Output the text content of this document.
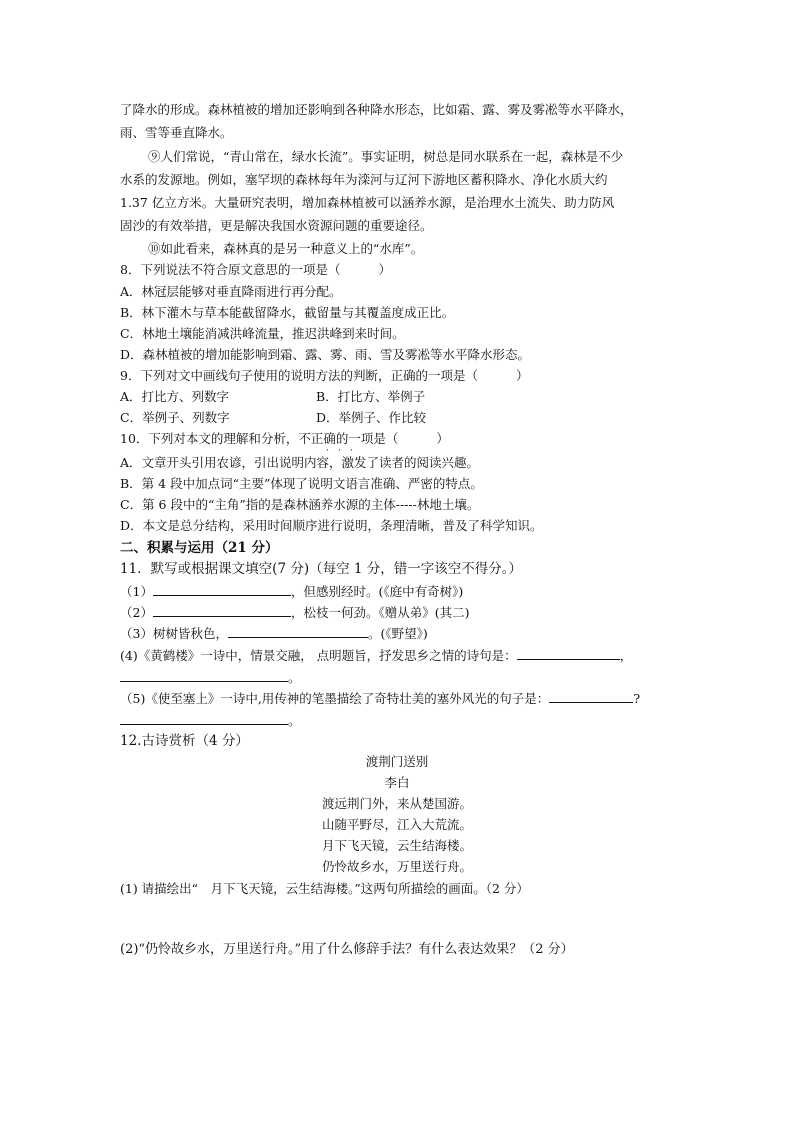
了降水的形成。森林植被的增加还影响到各种降水形态，比如霜、露、雾及雾凇等水平降水，
雨、雪等垂直降水。
⑨人们常说，“青山常在，绿水长流”。事实证明，树总是同水联系在一起，森林是不少
水系的发源地。例如，塞罕坝的森林每年为滦河与辽河下游地区蓄积降水、净化水质大约
1.37 亿立方米。大量研究表明，增加森林植被可以涵养水源，是治理水土流失、助力防风
固沙的有效举措，更是解决我国水资源问题的重要途径。
⑩如此看来，森林真的是另一种意义上的“水库”。
8．下列说法不符合原文意思的一项是（	）
A．林冠层能够对垂直降雨进行再分配。
B．林下灌木与草本能截留降水，截留量与其覆盖度成正比。
C．林地土壤能消减洪峰流量，推迟洪峰到来时间。
D．森林植被的增加能影响到霜、露、雾、雨、雪及雾凇等水平降水形态。
9．下列对文中画线句子使用的说明方法的判断，正确的一项是（	）
A．打比方、列数字	B．打比方、举例子
C．举例子、列数字	D．举例子、作比较
10．下列对本文的理解和分析，不正确的一项是（	）
· · ·
A．文章开头引用农谚，引出说明内容，激发了读者的阅读兴趣。
B．第 4 段中加点词“主要”体现了说明文语言准确、严密的特点。
C．第 6 段中的“主角”指的是森林涵养水源的主体-----林地土壤。
D．本文是总分结构，采用时间顺序进行说明，条理清晰，普及了科学知识。
二、积累与运用（21 分）
11．默写或根据课文填空(7 分)（每空 1 分，错一字该空不得分。）
（1）	，但感别经时。(《庭中有奇树》)
（2）	，松枝一何劲。《赠从弟》(其二)
（3）树树皆秋色，	。(《野望》)
(4)《黄鹤楼》一诗中，情景交融， 点明题旨，抒发思乡之情的诗句是：	，
。
（5)《使至塞上》一诗中,用传神的笔墨描绘了奇特壮美的塞外风光的句子是：	?
。
12.古诗赏析（4 分）
渡荆门送别
李白
渡远荆门外，来从楚国游。
山随平野尽，江入大荒流。
月下飞天镜，云生结海楼。
仍怜故乡水，万里送行舟。
(1) 请描绘出“　月下飞天镜，云生结海楼。”这两句所描绘的画面。（2 分）
(2)“仍怜故乡水，万里送行舟。”用了什么修辞手法？有什么表达效果？（2 分）
